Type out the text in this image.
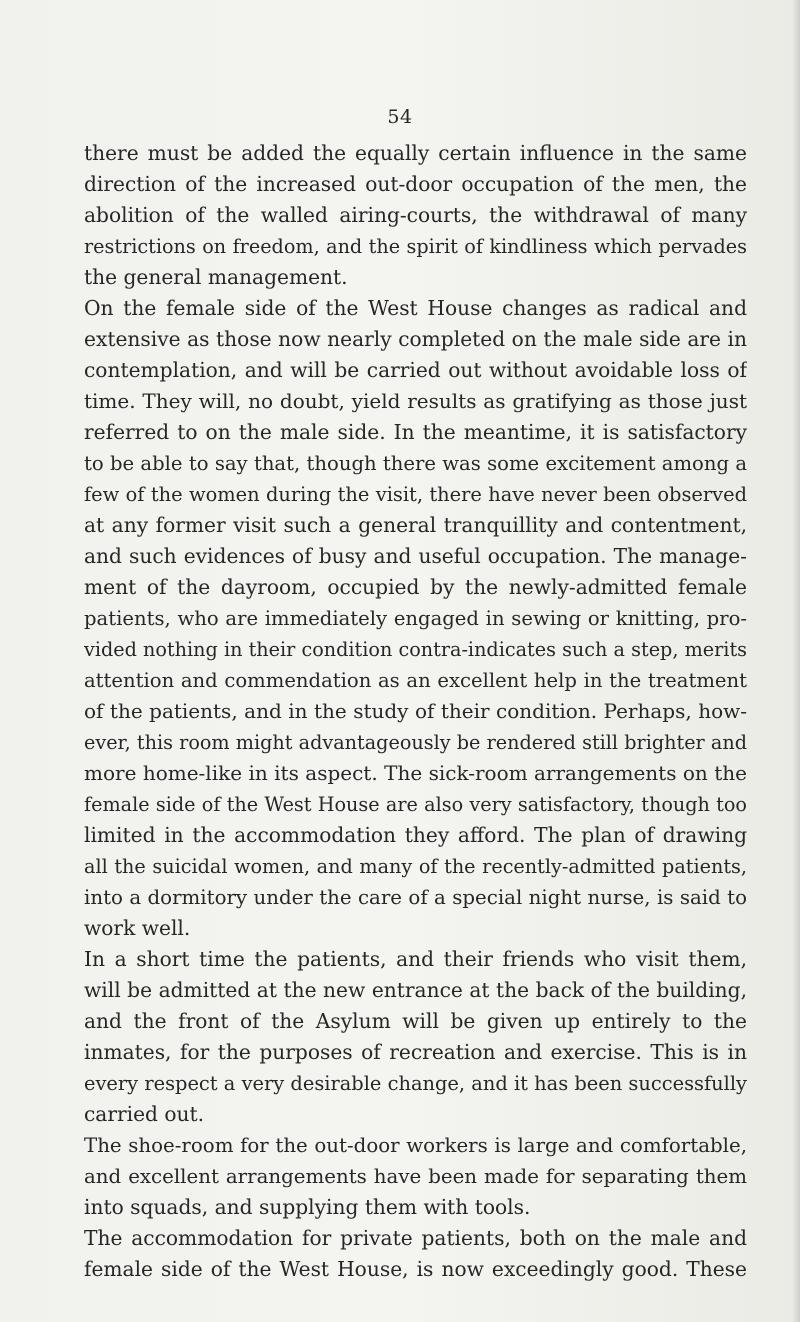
54
there must be added the equally certain influence in the same
direction of the increased out-door occupation of the men, the
abolition of the walled airing-courts, the withdrawal of many
restrictions on freedom, and the spirit of kindliness which pervades
the general management.
On the female side of the West House changes as radical and
extensive as those now nearly completed on the male side are in
contemplation, and will be carried out without avoidable loss of
time. They will, no doubt, yield results as gratifying as those just
referred to on the male side. In the meantime, it is satisfactory
to be able to say that, though there was some excitement among a
few of the women during the visit, there have never been observed
at any former visit such a general tranquillity and contentment,
and such evidences of busy and useful occupation. The manage-
ment of the dayroom, occupied by the newly-admitted female
patients, who are immediately engaged in sewing or knitting, pro-
vided nothing in their condition contra-indicates such a step, merits
attention and commendation as an excellent help in the treatment
of the patients, and in the study of their condition. Perhaps, how-
ever, this room might advantageously be rendered still brighter and
more home-like in its aspect. The sick-room arrangements on the
female side of the West House are also very satisfactory, though too
limited in the accommodation they afford. The plan of drawing
all the suicidal women, and many of the recently-admitted patients,
into a dormitory under the care of a special night nurse, is said to
work well.
In a short time the patients, and their friends who visit them,
will be admitted at the new entrance at the back of the building,
and the front of the Asylum will be given up entirely to the
inmates, for the purposes of recreation and exercise. This is in
every respect a very desirable change, and it has been successfully
carried out.
The shoe-room for the out-door workers is large and comfortable,
and excellent arrangements have been made for separating them
into squads, and supplying them with tools.
The accommodation for private patients, both on the male and
female side of the West House, is now exceedingly good. These
